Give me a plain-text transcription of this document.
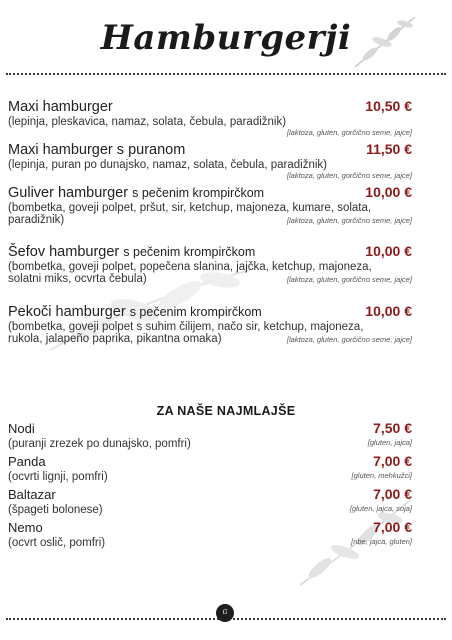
Hamburgerji
Maxi hamburger	10,50 €
(lepinja, pleskavica, namaz, solata, čebula, paradižnik)
[laktoza, gluten, gorčično seme, jajce]
Maxi hamburger s puranom	11,50 €
(lepinja, puran po dunajsko, namaz, solata, čebula, paradižnik)
[laktoza, gluten, gorčično seme, jajce]
Guliver hamburger s pečenim krompirčkom	10,00 €
(bombetka, goveji polpet, pršut, sir, ketchup, majoneza, kumare, solata, paradižnik)	[laktoza, gluten, gorčično seme, jajce]
Šefov hamburger s pečenim krompirčkom	10,00 €
(bombetka, goveji polpet, popečena slanina, jajčka, ketchup, majoneza, solatni miks, ocvrta čebula)	[laktoza, gluten, gorčično seme, jajce]
Pekoči hamburger s pečenim krompirčkom	10,00 €
(bombetka, goveji polpet s suhim čilijem, načo sir, ketchup, majoneza, rukola, jalapeño paprika, pikantna omaka)	[laktoza, gluten, gorčično seme, jajce]
ZA NAŠE NAJMLAJŠE
Nodi	7,50 €
(puranji zrezek po dunajsko, pomfri)	[gluten, jajca]
Panda	7,00 €
(ocvrti lignji, pomfri)	[gluten, mehkužci]
Baltazar	7,00 €
(špageti bolonese)	[gluten, jajca, soja]
Nemo	7,00 €
(ocvrt oslič, pomfri)	[ribe, jajca, gluten]
G
